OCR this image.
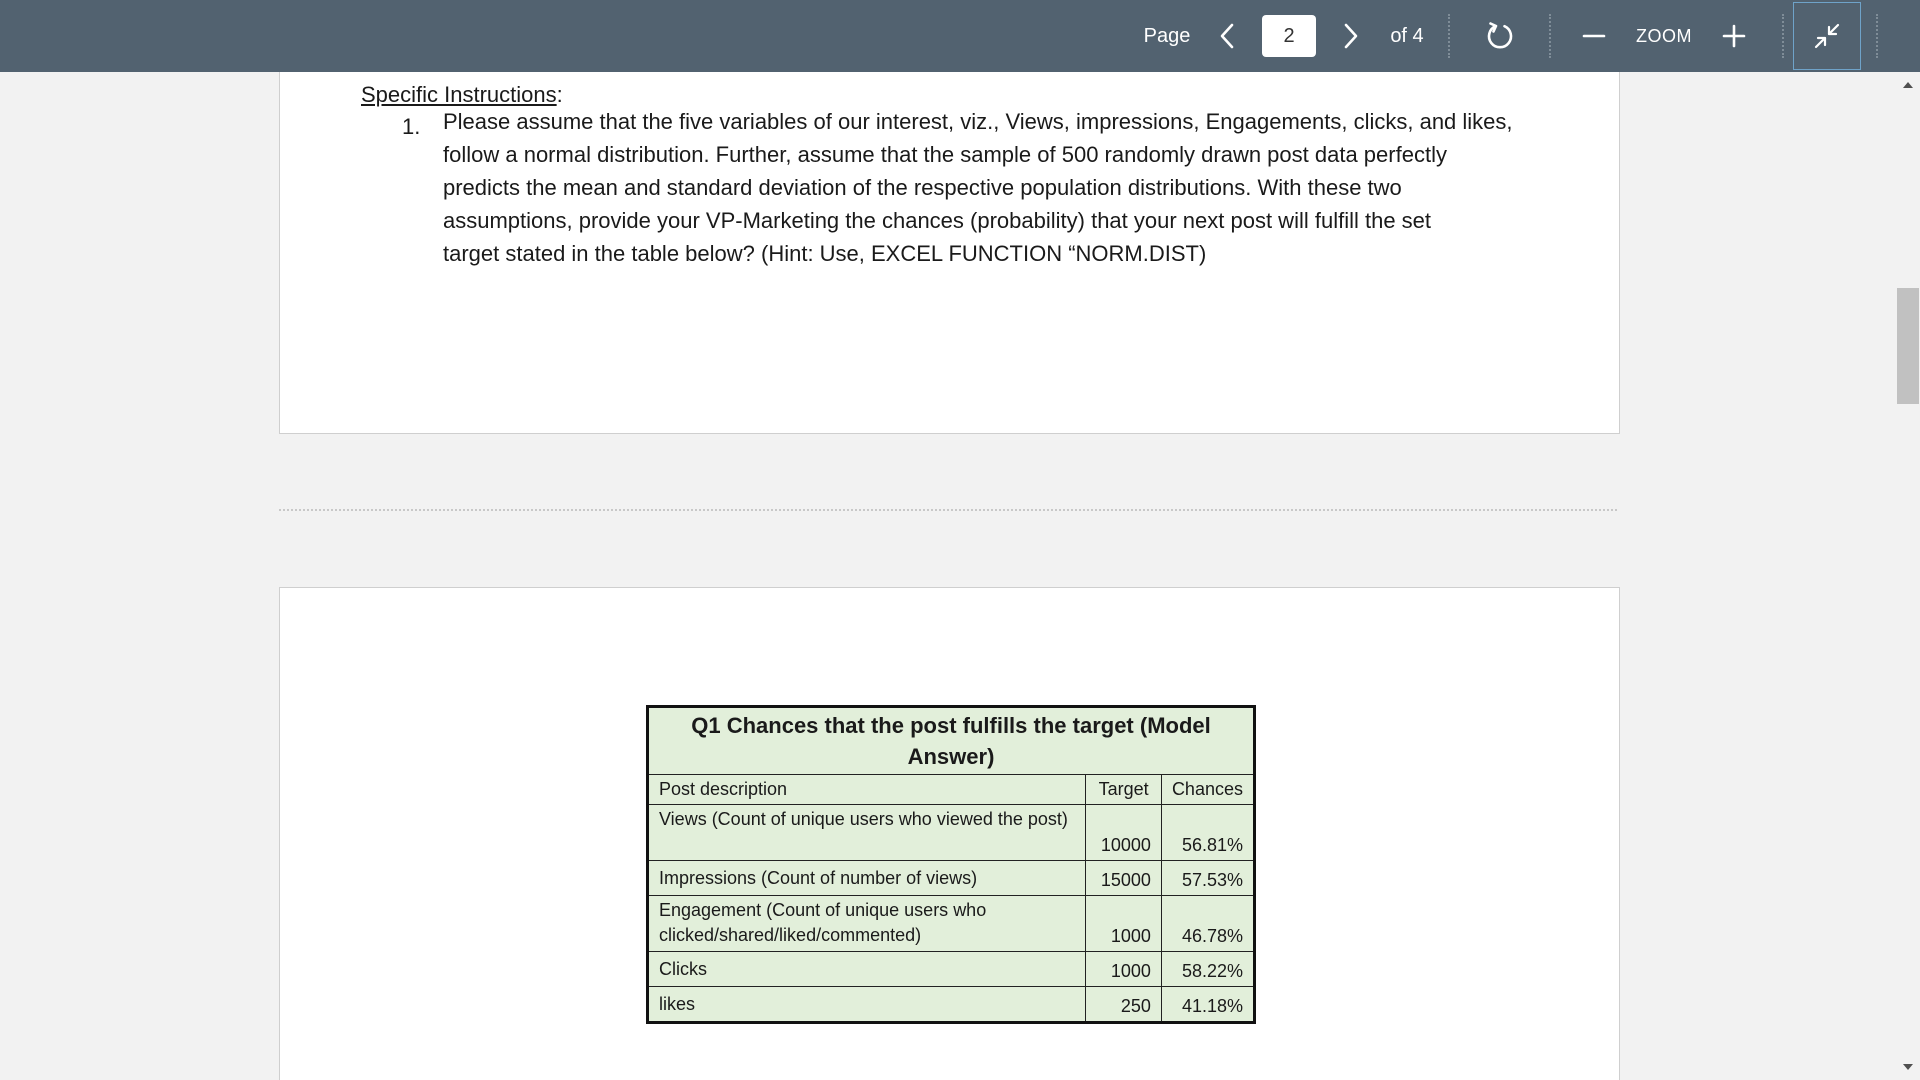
Page
2	of 4	ZOOM
Specific Instructions:
1. Please assume that the five variables of our interest, viz., Views, impressions, Engagements, clicks, and likes,
follow a normal distribution. Further, assume that the sample of 500 randomly drawn post data perfectly
predicts the mean and standard deviation of the respective population distributions. With these two
assumptions, provide your VP-Marketing the chances (probability) that your next post will fulfill the set
target stated in the table below? (Hint: Use, EXCEL FUNCTION “NORM.DIST)

Q1 Chances that the post fulfills the target (Model Answer)		
Post description	Target	Chances
Views (Count of unique users who viewed the post)	10000	56.81%
Impressions (Count of number of views)	15000	57.53%
Engagement (Count of unique users who clicked/shared/liked/commented)	1000	46.78%
Clicks	1000	58.22%
likes	250	41.18%
